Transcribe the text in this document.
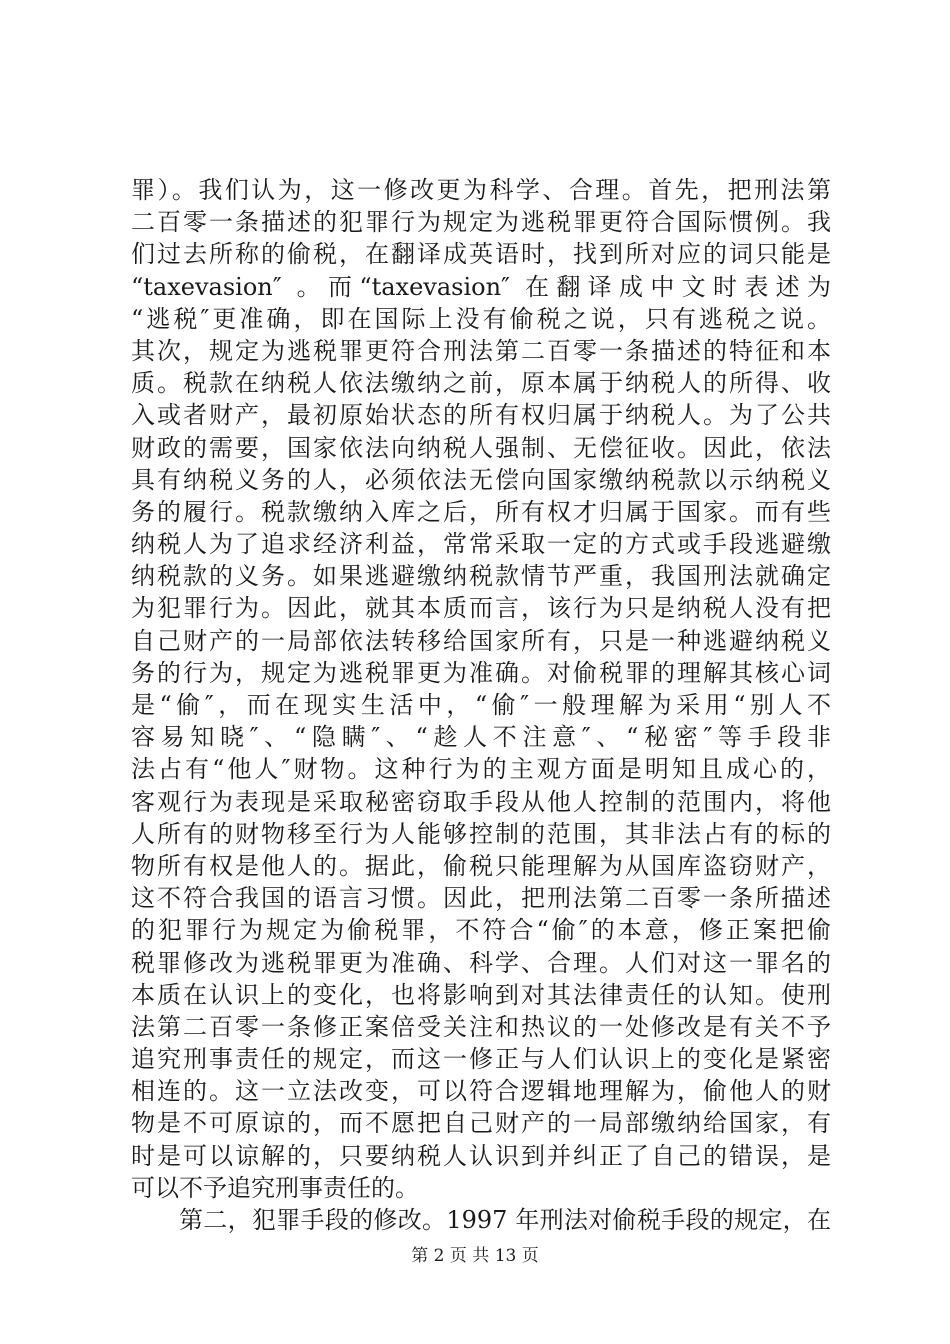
罪）。我们认为，这一修改更为科学、合理。首先，把刑法第
二百零一条描述的犯罪行为规定为逃税罪更符合国际惯例。我
们过去所称的偷税，在翻译成英语时，找到所对应的词只能是
“taxevasion″ 。而“taxevasion″ 在翻译成中文时表述为
“逃税″更准确，即在国际上没有偷税之说，只有逃税之说。
其次，规定为逃税罪更符合刑法第二百零一条描述的特征和本
质。税款在纳税人依法缴纳之前，原本属于纳税人的所得、收
入或者财产，最初原始状态的所有权归属于纳税人。为了公共
财政的需要，国家依法向纳税人强制、无偿征收。因此，依法
具有纳税义务的人，必须依法无偿向国家缴纳税款以示纳税义
务的履行。税款缴纳入库之后，所有权才归属于国家。而有些
纳税人为了追求经济利益，常常采取一定的方式或手段逃避缴
纳税款的义务。如果逃避缴纳税款情节严重，我国刑法就确定
为犯罪行为。因此，就其本质而言，该行为只是纳税人没有把
自己财产的一局部依法转移给国家所有，只是一种逃避纳税义
务的行为，规定为逃税罪更为准确。对偷税罪的理解其核心词
是“偷″，而在现实生活中，“偷″一般理解为采用“别人不
容易知晓″、“隐瞒″、“趁人不注意″、“秘密″等手段非
法占有“他人″财物。这种行为的主观方面是明知且成心的，
客观行为表现是采取秘密窃取手段从他人控制的范围内，将他
人所有的财物移至行为人能够控制的范围，其非法占有的标的
物所有权是他人的。据此，偷税只能理解为从国库盗窃财产，
这不符合我国的语言习惯。因此，把刑法第二百零一条所描述
的犯罪行为规定为偷税罪，不符合“偷″的本意，修正案把偷
税罪修改为逃税罪更为准确、科学、合理。人们对这一罪名的
本质在认识上的变化，也将影响到对其法律责任的认知。使刑
法第二百零一条修正案倍受关注和热议的一处修改是有关不予
追究刑事责任的规定，而这一修正与人们认识上的变化是紧密
相连的。这一立法改变，可以符合逻辑地理解为，偷他人的财
物是不可原谅的，而不愿把自己财产的一局部缴纳给国家，有
时是可以谅解的，只要纳税人认识到并纠正了自己的错误，是
可以不予追究刑事责任的。
第二，犯罪手段的修改。1997 年刑法对偷税手段的规定，在
第 2 页 共 13 页
